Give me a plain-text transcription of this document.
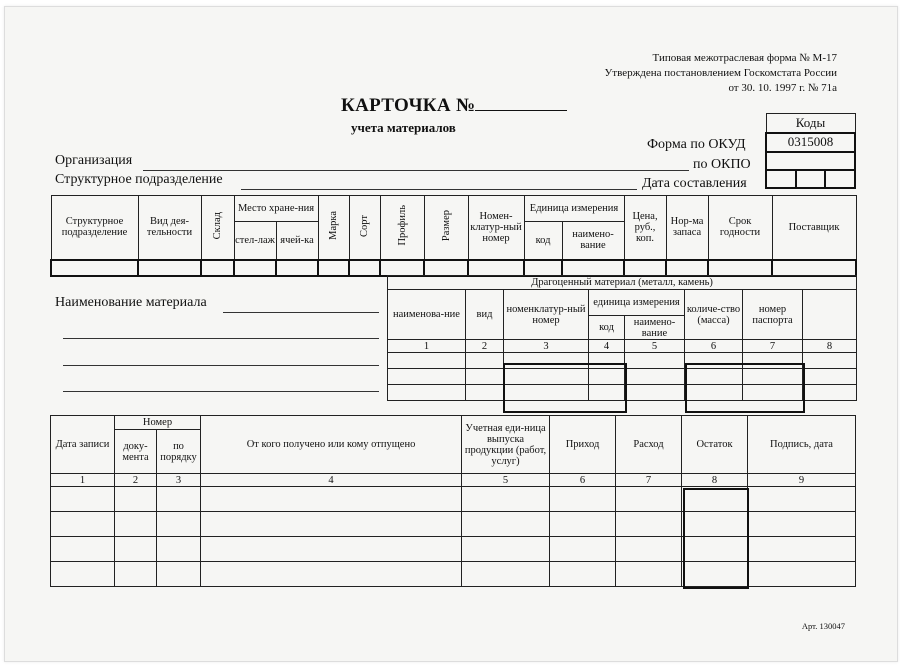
Типовая межотраслевая форма № М-17
Утверждена постановлением Госкомстата России
от 30. 10. 1997 г. № 71а
КАРТОЧКА №
учета материалов	Коды
0315008

Форма по ОКУД
по ОКПО
Дата составления
Организация
Структурное подразделение
Структурное подразделение	Вид дея-тельности	Склад	Место хране-ния		Марка	Сорт	Профиль	Размер	Номен-клатур-ный номер	Единица измерения		Цена, руб., коп.	Нор-ма запаса	Срок годности	Поставщик
			стел-лаж	ячей-ка						код	наимено-вание				

Наименование материала
Драгоценный материал (металл, камень)							
наименова-ние	вид	номенклатур-ный номер	единица измерения		количе-ство (масса)	номер паспорта	
			код	наимено-вание			
1	2	3	4	5	6	7	8

Дата записи	Номер		От кого получено или кому отпущено	Учетная еди-ница выпуска продукции (работ, услуг)	Приход	Расход	Остаток	Подпись, дата
	доку-мента	по порядку						
1	2	3	4	5	6	7	8	9

Арт. 130047
